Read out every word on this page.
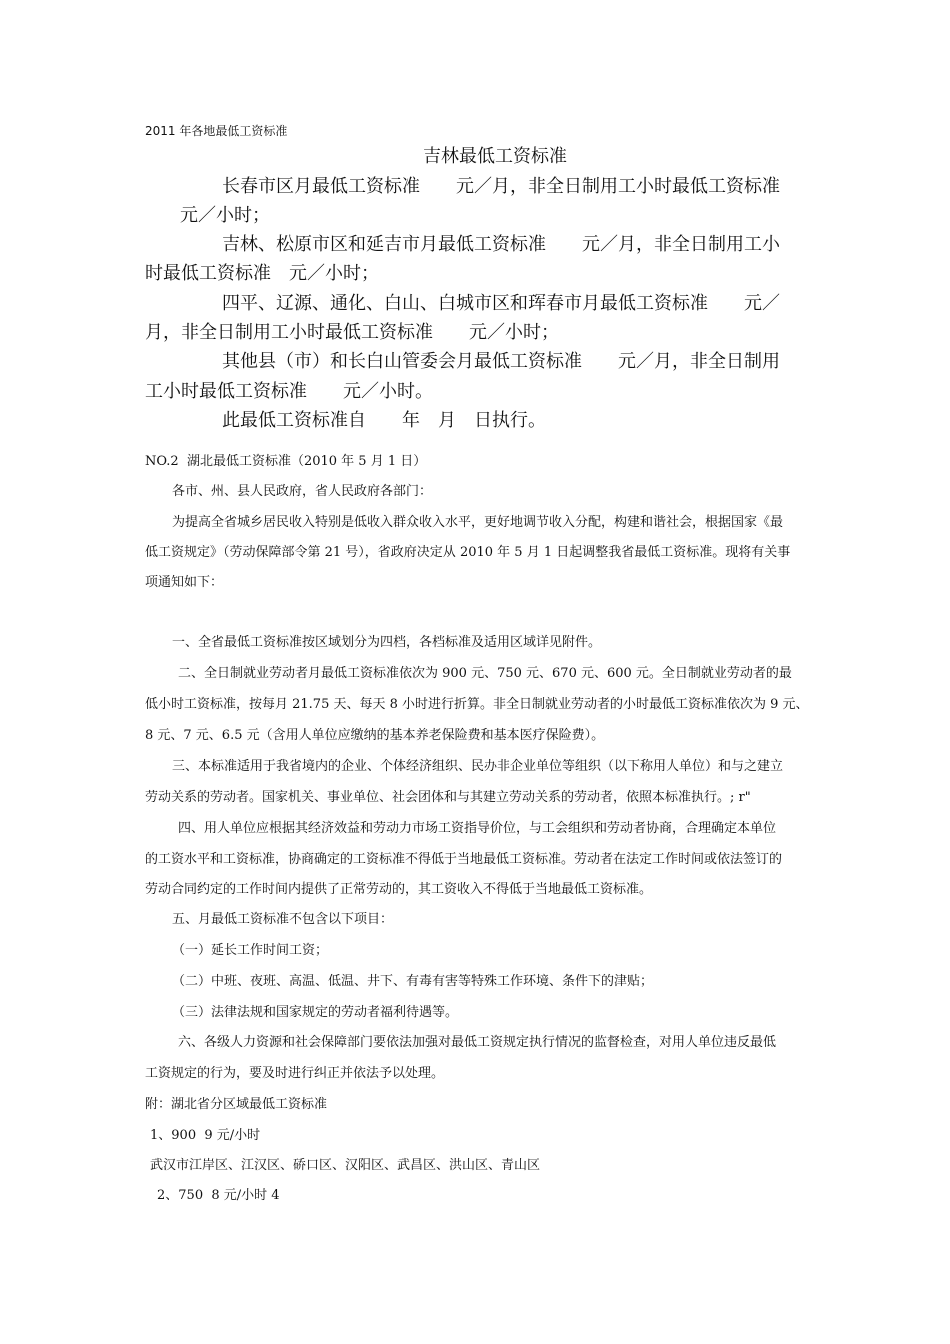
2011 年各地最低工资标准
吉林最低工资标准
长春市区月最低工资标准　　元／月，非全日制用工小时最低工资标准
元／小时；
吉林、松原市区和延吉市月最低工资标准　　元／月，非全日制用工小
时最低工资标准　元／小时；
四平、辽源、通化、白山、白城市区和珲春市月最低工资标准　　元／
月，非全日制用工小时最低工资标准　　元／小时；
其他县（市）和长白山管委会月最低工资标准　　元／月，非全日制用
工小时最低工资标准　　元／小时。
此最低工资标准自　　年　月　日执行。
NO.2  湖北最低工资标准（2010 年 5 月 1 日）
各市、州、县人民政府，省人民政府各部门：
为提高全省城乡居民收入特别是低收入群众收入水平，更好地调节收入分配，构建和谐社会，根据国家《最
低工资规定》（劳动保障部令第 21 号），省政府决定从 2010 年 5 月 1 日起调整我省最低工资标准。现将有关事
项通知如下：
一、全省最低工资标准按区域划分为四档，各档标准及适用区域详见附件。
二、全日制就业劳动者月最低工资标准依次为 900 元、750 元、670 元、600 元。全日制就业劳动者的最
低小时工资标准，按每月 21.75 天、每天 8 小时进行折算。非全日制就业劳动者的小时最低工资标准依次为 9 元、
8 元、7 元、6.5 元（含用人单位应缴纳的基本养老保险费和基本医疗保险费）。
三、本标准适用于我省境内的企业、个体经济组织、民办非企业单位等组织（以下称用人单位）和与之建立
劳动关系的劳动者。国家机关、事业单位、社会团体和与其建立劳动关系的劳动者，依照本标准执行。; r"
四、用人单位应根据其经济效益和劳动力市场工资指导价位，与工会组织和劳动者协商，合理确定本单位
的工资水平和工资标准，协商确定的工资标准不得低于当地最低工资标准。劳动者在法定工作时间或依法签订的
劳动合同约定的工作时间内提供了正常劳动的，其工资收入不得低于当地最低工资标准。
五、月最低工资标准不包含以下项目：
（一）延长工作时间工资；
（二）中班、夜班、高温、低温、井下、有毒有害等特殊工作环境、条件下的津贴；
（三）法律法规和国家规定的劳动者福利待遇等。
六、各级人力资源和社会保障部门要依法加强对最低工资规定执行情况的监督检查，对用人单位违反最低
工资规定的行为，要及时进行纠正并依法予以处理。
附：湖北省分区域最低工资标准
1、900  9 元/小时
武汉市江岸区、江汉区、硚口区、汉阳区、武昌区、洪山区、青山区
2、750  8 元/小时 4
